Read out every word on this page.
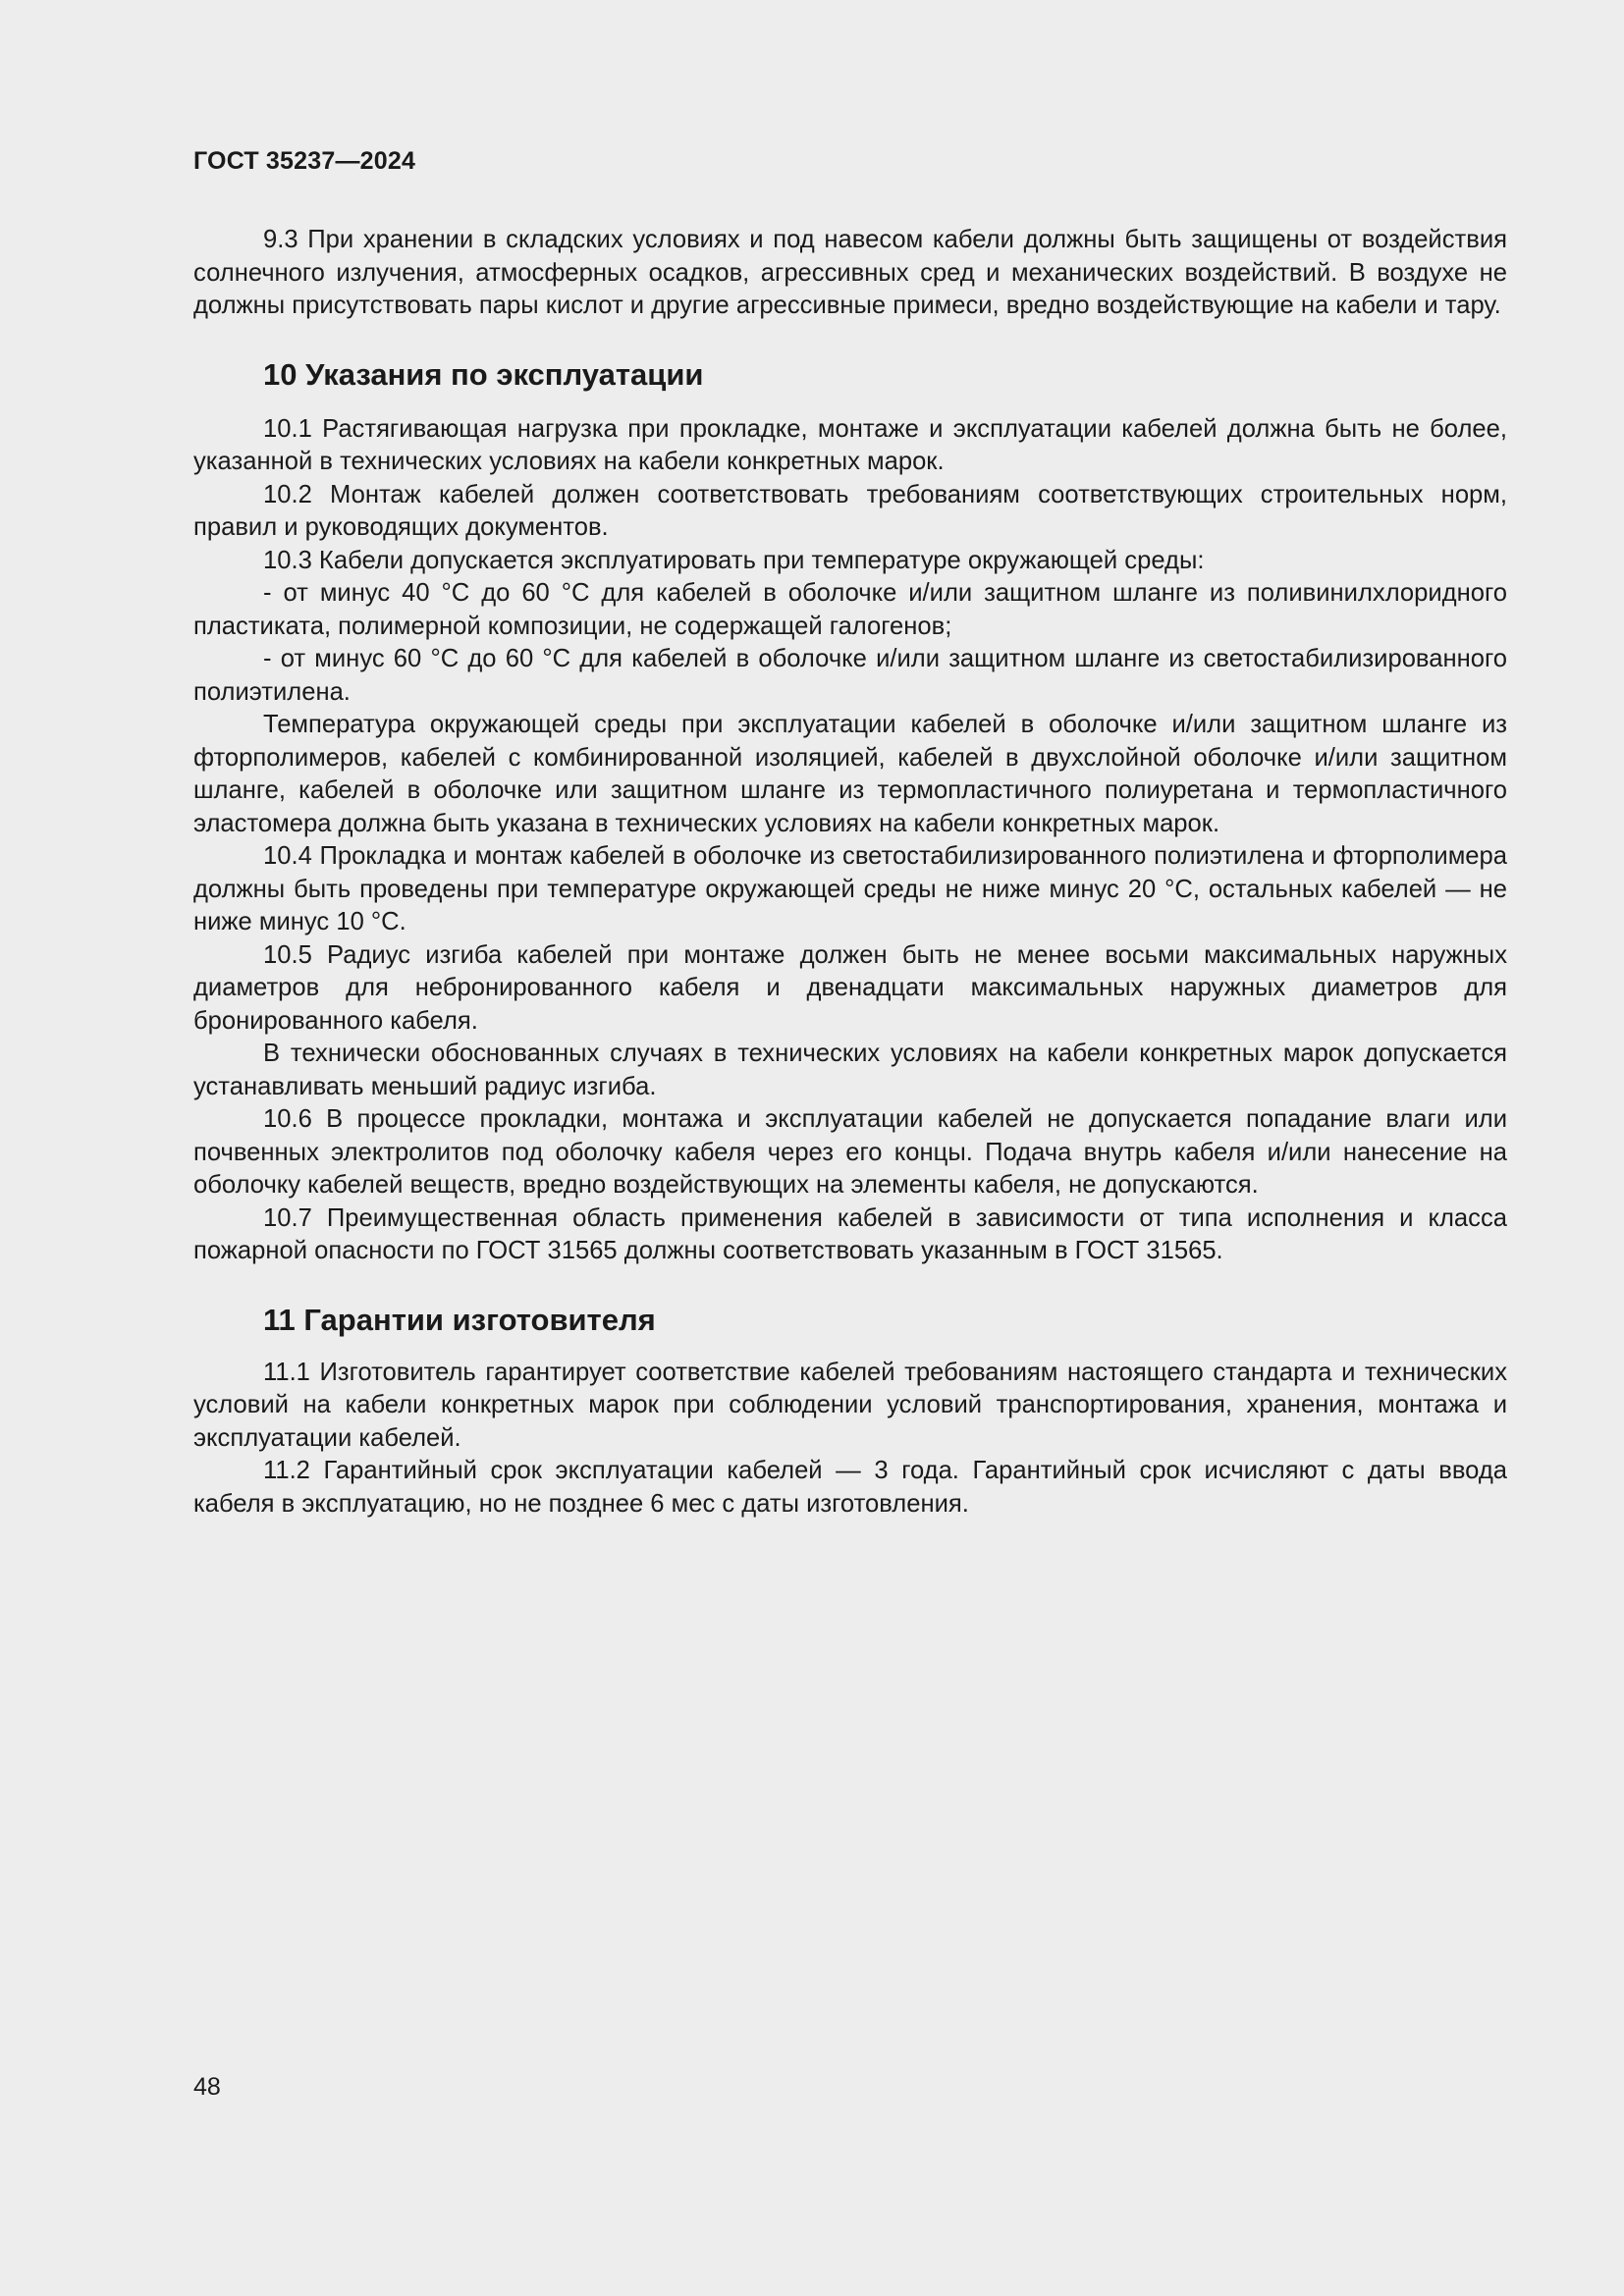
ГОСТ 35237—2024

9.3 При хранении в складских условиях и под навесом кабели должны быть защищены от воздействия солнечного излучения, атмосферных осадков, агрессивных сред и механических воздействий. В воздухе не должны присутствовать пары кислот и другие агрессивные примеси, вредно воздействующие на кабели и тару.

10 Указания по эксплуатации

10.1 Растягивающая нагрузка при прокладке, монтаже и эксплуатации кабелей должна быть не более, указанной в технических условиях на кабели конкретных марок.

10.2 Монтаж кабелей должен соответствовать требованиям соответствующих строительных норм, правил и руководящих документов.

10.3 Кабели допускается эксплуатировать при температуре окружающей среды:

- от минус 40 °С до 60 °С для кабелей в оболочке и/или защитном шланге из поливинилхлоридного пластиката, полимерной композиции, не содержащей галогенов;

- от минус 60 °С до 60 °С для кабелей в оболочке и/или защитном шланге из светостабилизированного полиэтилена.

Температура окружающей среды при эксплуатации кабелей в оболочке и/или защитном шланге из фторполимеров, кабелей с комбинированной изоляцией, кабелей в двухслойной оболочке и/или защитном шланге, кабелей в оболочке или защитном шланге из термопластичного полиуретана и термопластичного эластомера должна быть указана в технических условиях на кабели конкретных марок.

10.4 Прокладка и монтаж кабелей в оболочке из светостабилизированного полиэтилена и фторполимера должны быть проведены при температуре окружающей среды не ниже минус 20 °С, остальных кабелей — не ниже минус 10 °С.

10.5 Радиус изгиба кабелей при монтаже должен быть не менее восьми максимальных наружных диаметров для небронированного кабеля и двенадцати максимальных наружных диаметров для бронированного кабеля.

В технически обоснованных случаях в технических условиях на кабели конкретных марок допускается устанавливать меньший радиус изгиба.

10.6 В процессе прокладки, монтажа и эксплуатации кабелей не допускается попадание влаги или почвенных электролитов под оболочку кабеля через его концы. Подача внутрь кабеля и/или нанесение на оболочку кабелей веществ, вредно воздействующих на элементы кабеля, не допускаются.

10.7 Преимущественная область применения кабелей в зависимости от типа исполнения и класса пожарной опасности по ГОСТ 31565 должны соответствовать указанным в ГОСТ 31565.

11 Гарантии изготовителя

11.1 Изготовитель гарантирует соответствие кабелей требованиям настоящего стандарта и технических условий на кабели конкретных марок при соблюдении условий транспортирования, хранения, монтажа и эксплуатации кабелей.

11.2 Гарантийный срок эксплуатации кабелей — 3 года. Гарантийный срок исчисляют с даты ввода кабеля в эксплуатацию, но не позднее 6 мес с даты изготовления.

48
